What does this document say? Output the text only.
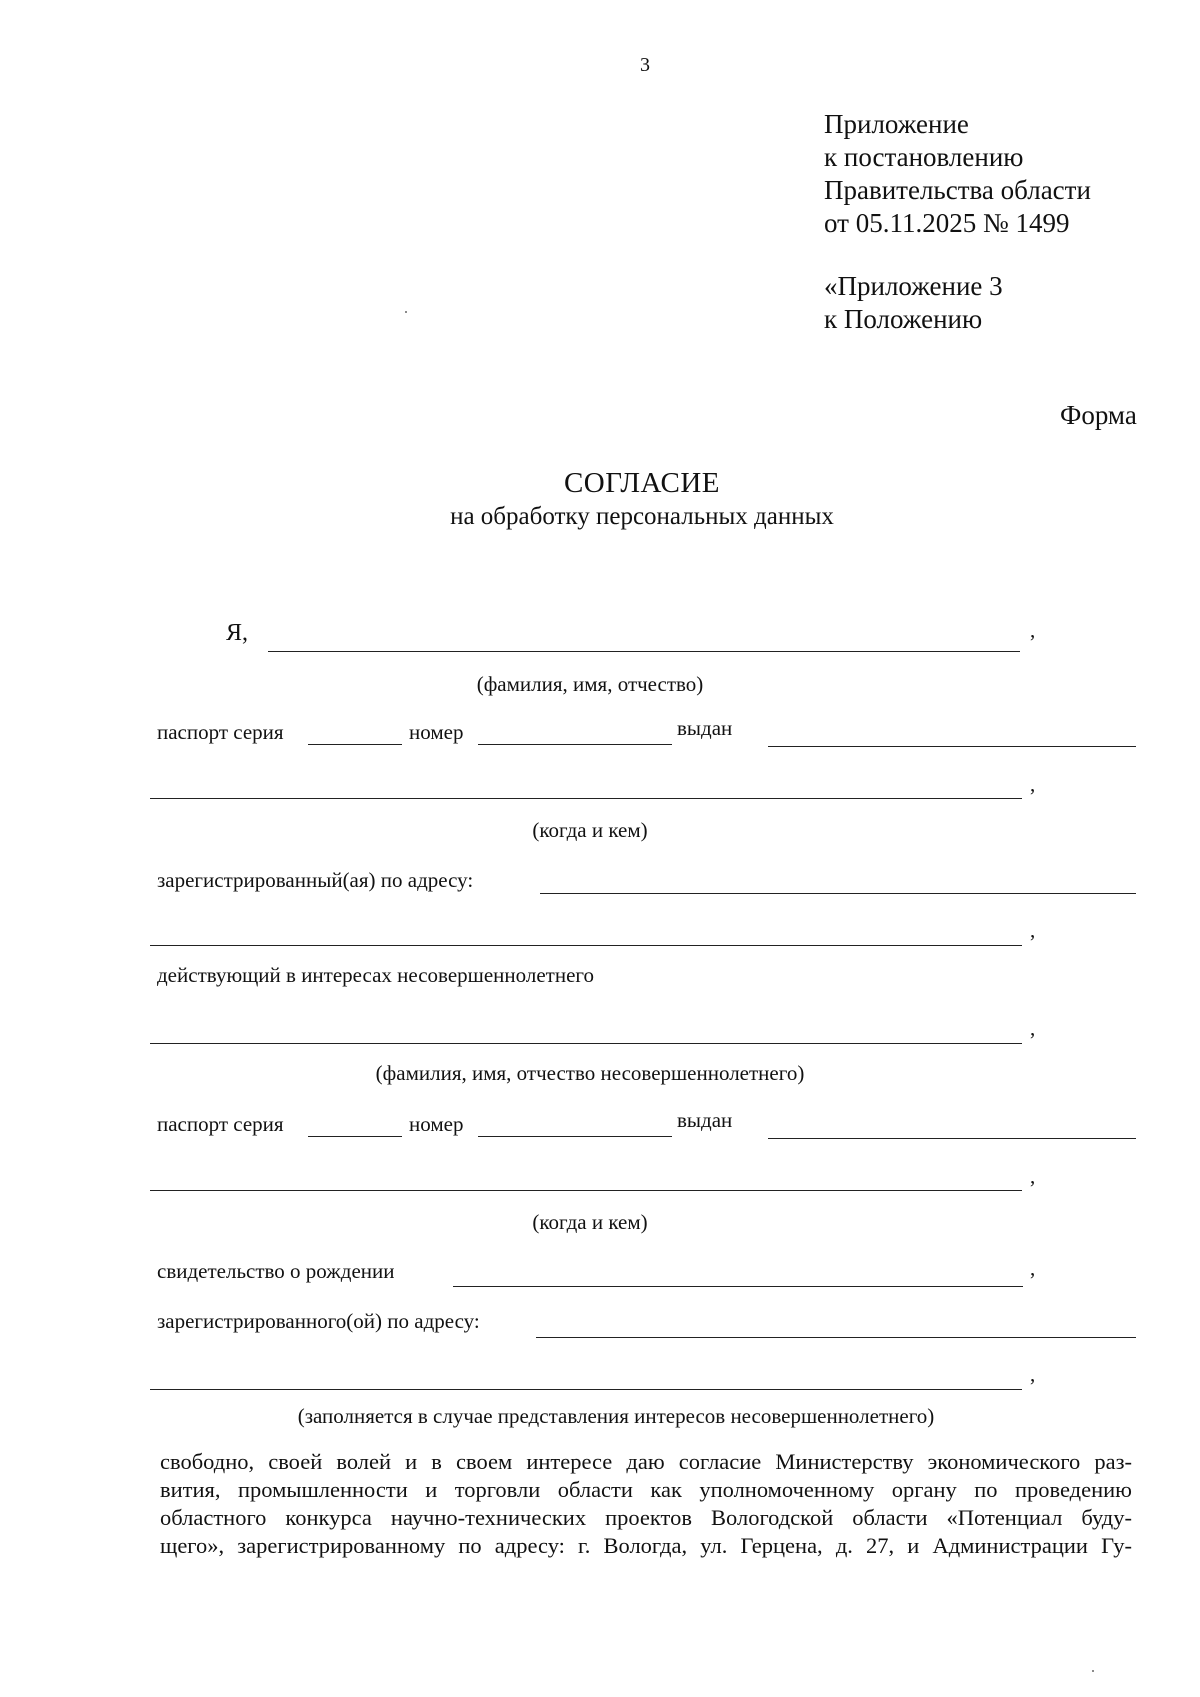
3
Приложение
к постановлению
Правительства области
от 05.11.2025 № 1499
«Приложение 3
к Положению
Форма
СОГЛАСИЕ
на обработку персональных данных
Я,	,
(фамилия, имя, отчество)
паспорт серия	номер	выдан
,
(когда и кем)
зарегистрированный(ая) по адресу:
,
действующий в интересах несовершеннолетнего
,
(фамилия, имя, отчество несовершеннолетнего)
паспорт серия	номер	выдан
,
(когда и кем)
свидетельство о рождении	,
зарегистрированного(ой) по адресу:
,
(заполняется в случае представления интересов несовершеннолетнего)
свободно, своей волей и в своем интересе даю согласие Министерству экономического раз-
вития, промышленности и торговли области как уполномоченному органу по проведению
областного конкурса научно-технических проектов Вологодской области «Потенциал буду-
щего», зарегистрированному по адресу: г. Вологда, ул. Герцена, д. 27, и Администрации Гу-
